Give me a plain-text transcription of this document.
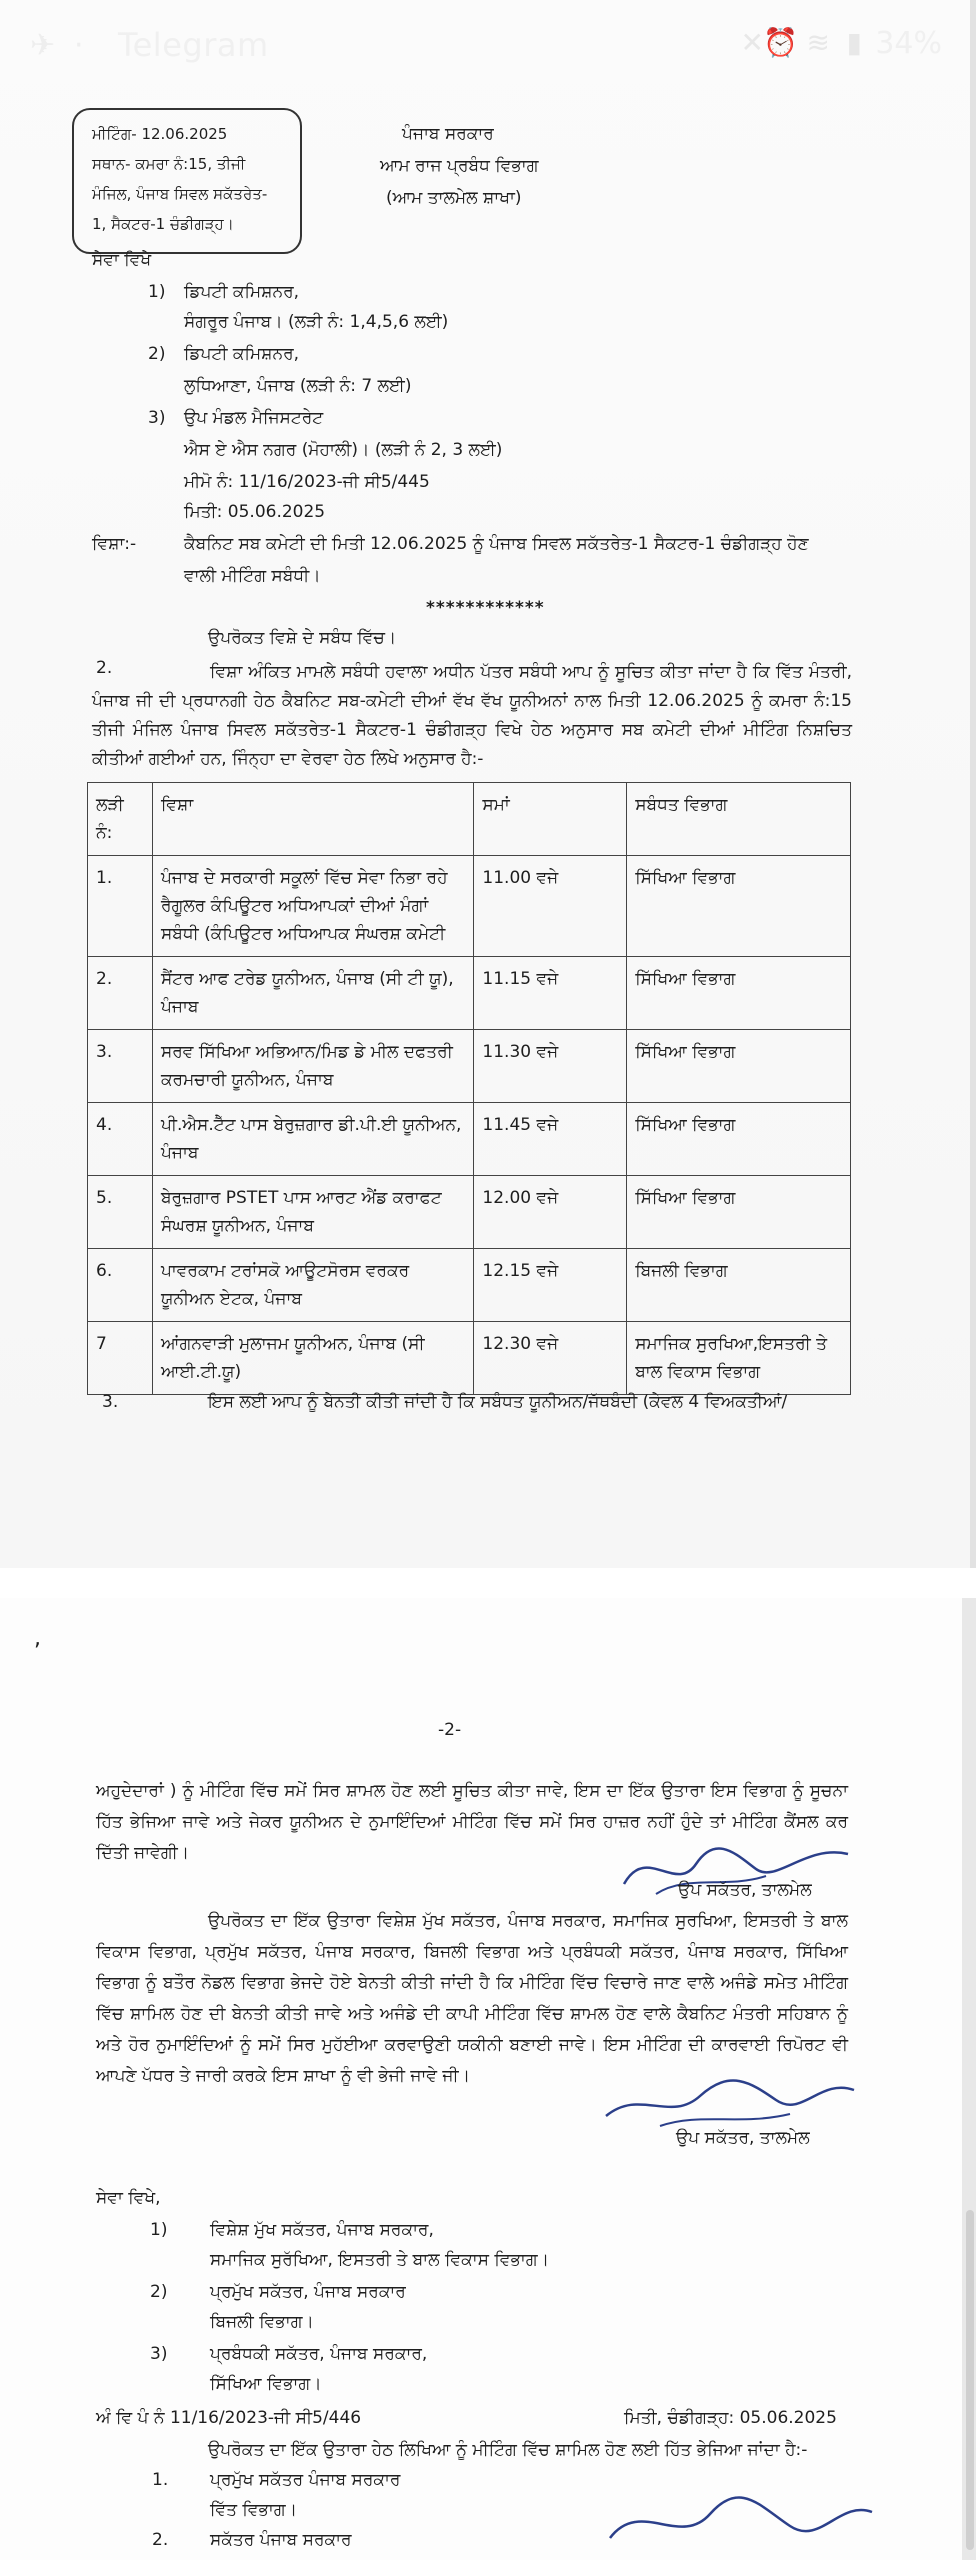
✈ · Telegram	✕ ⏰ ≋ ▮ 34%
ਮੀਟਿੰਗ- 12.06.2025
ਸਥਾਨ- ਕਮਰਾ ਨੰ:15, ਤੀਜੀ
ਮੰਜਿਲ, ਪੰਜਾਬ ਸਿਵਲ ਸਕੱਤਰੇਤ-
1, ਸੈਕਟਰ-1 ਚੰਡੀਗੜ੍ਹ।
ਪੰਜਾਬ ਸਰਕਾਰ
ਆਮ ਰਾਜ ਪ੍ਰਬੰਧ ਵਿਭਾਗ
(ਆਮ ਤਾਲਮੇਲ ਸ਼ਾਖਾ)
ਸੇਵਾ ਵਿਖੇ
1) ਡਿਪਟੀ ਕਮਿਸ਼ਨਰ,
ਸੰਗਰੂਰ ਪੰਜਾਬ। (ਲੜੀ ਨੰ: 1,4,5,6 ਲਈ)
2) ਡਿਪਟੀ ਕਮਿਸ਼ਨਰ,
ਲੁਧਿਆਣਾ, ਪੰਜਾਬ (ਲੜੀ ਨੰ: 7 ਲਈ)
3) ਉਪ ਮੰਡਲ ਮੈਜਿਸਟਰੇਟ
ਐਸ ਏ ਐਸ ਨਗਰ (ਮੋਹਾਲੀ)। (ਲੜੀ ਨੰ 2, 3 ਲਈ)
ਮੀਮੋ ਨੰ: 11/16/2023-ਜੀ ਸੀ5/445
ਮਿਤੀ: 05.06.2025
ਵਿਸ਼ਾ:-	ਕੈਬਨਿਟ ਸਬ ਕਮੇਟੀ ਦੀ ਮਿਤੀ 12.06.2025 ਨੂੰ ਪੰਜਾਬ ਸਿਵਲ ਸਕੱਤਰੇਤ-1 ਸੈਕਟਰ-1 ਚੰਡੀਗੜ੍ਹ ਹੋਣ
ਵਾਲੀ ਮੀਟਿੰਗ ਸਬੰਧੀ।
************
ਉਪਰੋਕਤ ਵਿਸ਼ੇ ਦੇ ਸਬੰਧ ਵਿੱਚ।
2.	ਵਿਸ਼ਾ ਅੰਕਿਤ ਮਾਮਲੇ ਸਬੰਧੀ ਹਵਾਲਾ ਅਧੀਨ ਪੱਤਰ ਸਬੰਧੀ ਆਪ ਨੂੰ ਸੂਚਿਤ ਕੀਤਾ ਜਾਂਦਾ ਹੈ ਕਿ ਵਿੱਤ ਮੰਤਰੀ, ਪੰਜਾਬ ਜੀ ਦੀ ਪ੍ਰਧਾਨਗੀ ਹੇਠ ਕੈਬਨਿਟ ਸਬ-ਕਮੇਟੀ ਦੀਆਂ ਵੱਖ ਵੱਖ ਯੂਨੀਅਨਾਂ ਨਾਲ ਮਿਤੀ 12.06.2025 ਨੂੰ ਕਮਰਾ ਨੰ:15 ਤੀਜੀ ਮੰਜਿਲ ਪੰਜਾਬ ਸਿਵਲ ਸਕੱਤਰੇਤ-1 ਸੈਕਟਰ-1 ਚੰਡੀਗੜ੍ਹ ਵਿਖੇ ਹੇਠ ਅਨੁਸਾਰ ਸਬ ਕਮੇਟੀ ਦੀਆਂ ਮੀਟਿੰਗ ਨਿਸ਼ਚਿਤ ਕੀਤੀਆਂ ਗਈਆਂ ਹਨ, ਜਿੰਨ੍ਹਾ ਦਾ ਵੇਰਵਾ ਹੇਠ ਲਿਖੇ ਅਨੁਸਾਰ ਹੈ:-
ਲੜੀ ਨੰ:	ਵਿਸ਼ਾ	ਸਮਾਂ	ਸਬੰਧਤ ਵਿਭਾਗ
1.	ਪੰਜਾਬ ਦੇ ਸਰਕਾਰੀ ਸਕੂਲਾਂ ਵਿੱਚ ਸੇਵਾ ਨਿਭਾ ਰਹੇ ਰੈਗੂਲਰ ਕੰਪਿਊਟਰ ਅਧਿਆਪਕਾਂ ਦੀਆਂ ਮੰਗਾਂ ਸਬੰਧੀ (ਕੰਪਿਊਟਰ ਅਧਿਆਪਕ ਸੰਘਰਸ਼ ਕਮੇਟੀ	11.00 ਵਜੇ	ਸਿੱਖਿਆ ਵਿਭਾਗ
2.	ਸੈਂਟਰ ਆਫ ਟਰੇਡ ਯੂਨੀਅਨ, ਪੰਜਾਬ (ਸੀ ਟੀ ਯੂ), ਪੰਜਾਬ	11.15 ਵਜੇ	ਸਿੱਖਿਆ ਵਿਭਾਗ
3.	ਸਰਵ ਸਿੱਖਿਆ ਅਭਿਆਨ/ਮਿਡ ਡੇ ਮੀਲ ਦਫਤਰੀ ਕਰਮਚਾਰੀ ਯੂਨੀਅਨ, ਪੰਜਾਬ	11.30 ਵਜੇ	ਸਿੱਖਿਆ ਵਿਭਾਗ
4.	ਪੀ.ਐਸ.ਟੈੱਟ ਪਾਸ ਬੇਰੁਜ਼ਗਾਰ ਡੀ.ਪੀ.ਈ ਯੂਨੀਅਨ, ਪੰਜਾਬ	11.45 ਵਜੇ	ਸਿੱਖਿਆ ਵਿਭਾਗ
5.	ਬੇਰੁਜ਼ਗਾਰ PSTET ਪਾਸ ਆਰਟ ਐਂਡ ਕਰਾਫਟ ਸੰਘਰਸ਼ ਯੂਨੀਅਨ, ਪੰਜਾਬ	12.00 ਵਜੇ	ਸਿੱਖਿਆ ਵਿਭਾਗ
6.	ਪਾਵਰਕਾਮ ਟਰਾਂਸਕੋ ਆਊਟਸੋਰਸ ਵਰਕਰ ਯੂਨੀਅਨ ਏਟਕ, ਪੰਜਾਬ	12.15 ਵਜੇ	ਬਿਜਲੀ ਵਿਭਾਗ
7	ਆਂਗਨਵਾੜੀ ਮੁਲਾਜਮ ਯੂਨੀਅਨ, ਪੰਜਾਬ (ਸੀ ਆਈ.ਟੀ.ਯੂ)	12.30 ਵਜੇ	ਸਮਾਜਿਕ ਸੁਰਖਿਆ,ਇਸਤਰੀ ਤੇ ਬਾਲ ਵਿਕਾਸ ਵਿਭਾਗ
3.	ਇਸ ਲਈ ਆਪ ਨੂੰ ਬੇਨਤੀ ਕੀਤੀ ਜਾਂਦੀ ਹੈ ਕਿ ਸਬੰਧਤ ਯੂਨੀਅਨ/ਜੱਥਬੰਦੀ (ਕੇਵਲ 4 ਵਿਅਕਤੀਆਂ/
,
-2-
ਅਹੁਦੇਦਾਰਾਂ ) ਨੂੰ ਮੀਟਿੰਗ ਵਿੱਚ ਸਮੇਂ ਸਿਰ ਸ਼ਾਮਲ ਹੋਣ ਲਈ ਸੂਚਿਤ ਕੀਤਾ ਜਾਵੇ, ਇਸ ਦਾ ਇੱਕ ਉਤਾਰਾ ਇਸ ਵਿਭਾਗ ਨੂੰ ਸੂਚਨਾ ਹਿੱਤ ਭੇਜਿਆ ਜਾਵੇ ਅਤੇ ਜੇਕਰ ਯੂਨੀਅਨ ਦੇ ਨੁਮਾਇੰਦਿਆਂ ਮੀਟਿੰਗ ਵਿੱਚ ਸਮੇਂ ਸਿਰ ਹਾਜ਼ਰ ਨਹੀਂ ਹੁੰਦੇ ਤਾਂ ਮੀਟਿੰਗ ਕੈਂਸਲ ਕਰ ਦਿੱਤੀ ਜਾਵੇਗੀ।
ਉਪ ਸਕੱਤਰ, ਤਾਲਮੇਲ
ਉਪਰੋਕਤ ਦਾ ਇੱਕ ਉਤਾਰਾ ਵਿਸ਼ੇਸ਼ ਮੁੱਖ ਸਕੱਤਰ, ਪੰਜਾਬ ਸਰਕਾਰ, ਸਮਾਜਿਕ ਸੁਰਖਿਆ, ਇਸਤਰੀ ਤੇ ਬਾਲ ਵਿਕਾਸ ਵਿਭਾਗ, ਪ੍ਰਮੁੱਖ ਸਕੱਤਰ, ਪੰਜਾਬ ਸਰਕਾਰ, ਬਿਜਲੀ ਵਿਭਾਗ ਅਤੇ ਪ੍ਰਬੰਧਕੀ ਸਕੱਤਰ, ਪੰਜਾਬ ਸਰਕਾਰ, ਸਿੱਖਿਆ ਵਿਭਾਗ ਨੂੰ ਬਤੌਰ ਨੋਡਲ ਵਿਭਾਗ ਭੇਜਦੇ ਹੋਏ ਬੇਨਤੀ ਕੀਤੀ ਜਾਂਦੀ ਹੈ ਕਿ ਮੀਟਿੰਗ ਵਿੱਚ ਵਿਚਾਰੇ ਜਾਣ ਵਾਲੇ ਅਜੰਡੇ ਸਮੇਤ ਮੀਟਿੰਗ ਵਿੱਚ ਸ਼ਾਮਿਲ ਹੋਣ ਦੀ ਬੇਨਤੀ ਕੀਤੀ ਜਾਵੇ ਅਤੇ ਅਜੰਡੇ ਦੀ ਕਾਪੀ ਮੀਟਿੰਗ ਵਿੱਚ ਸ਼ਾਮਲ ਹੋਣ ਵਾਲੇ ਕੈਬਨਿਟ ਮੰਤਰੀ ਸਹਿਬਾਨ ਨੂੰ ਅਤੇ ਹੋਰ ਨੁਮਾਇੰਦਿਆਂ ਨੂੰ ਸਮੇਂ ਸਿਰ ਮੁਹੱਈਆ ਕਰਵਾਉਣੀ ਯਕੀਨੀ ਬਣਾਈ ਜਾਵੇ। ਇਸ ਮੀਟਿੰਗ ਦੀ ਕਾਰਵਾਈ ਰਿਪੋਰਟ ਵੀ ਆਪਣੇ ਪੱਧਰ ਤੇ ਜਾਰੀ ਕਰਕੇ ਇਸ ਸ਼ਾਖਾ ਨੂੰ ਵੀ ਭੇਜੀ ਜਾਵੇ ਜੀ।
ਉਪ ਸਕੱਤਰ, ਤਾਲਮੇਲ
ਸੇਵਾ ਵਿਖੇ,
1)	ਵਿਸ਼ੇਸ਼ ਮੁੱਖ ਸਕੱਤਰ, ਪੰਜਾਬ ਸਰਕਾਰ,
ਸਮਾਜਿਕ ਸੁਰੱਖਿਆ, ਇਸਤਰੀ ਤੇ ਬਾਲ ਵਿਕਾਸ ਵਿਭਾਗ।
2)	ਪ੍ਰਮੁੱਖ ਸਕੱਤਰ, ਪੰਜਾਬ ਸਰਕਾਰ
ਬਿਜਲੀ ਵਿਭਾਗ।
3)	ਪ੍ਰਬੰਧਕੀ ਸਕੱਤਰ, ਪੰਜਾਬ ਸਰਕਾਰ,
ਸਿੱਖਿਆ ਵਿਭਾਗ।
ਅੰ ਵਿ ਪੰ ਨੰ 11/16/2023-ਜੀ ਸੀ5/446	ਮਿਤੀ, ਚੰਡੀਗੜ੍ਹ: 05.06.2025
ਉਪਰੋਕਤ ਦਾ ਇੱਕ ਉਤਾਰਾ ਹੇਠ ਲਿਖਿਆ ਨੂੰ ਮੀਟਿੰਗ ਵਿੱਚ ਸ਼ਾਮਿਲ ਹੋਣ ਲਈ ਹਿੱਤ ਭੇਜਿਆ ਜਾਂਦਾ ਹੈ:-
1. ਪ੍ਰਮੁੱਖ ਸਕੱਤਰ ਪੰਜਾਬ ਸਰਕਾਰ
ਵਿੱਤ ਵਿਭਾਗ।
2. ਸਕੱਤਰ ਪੰਜਾਬ ਸਰਕਾਰ
